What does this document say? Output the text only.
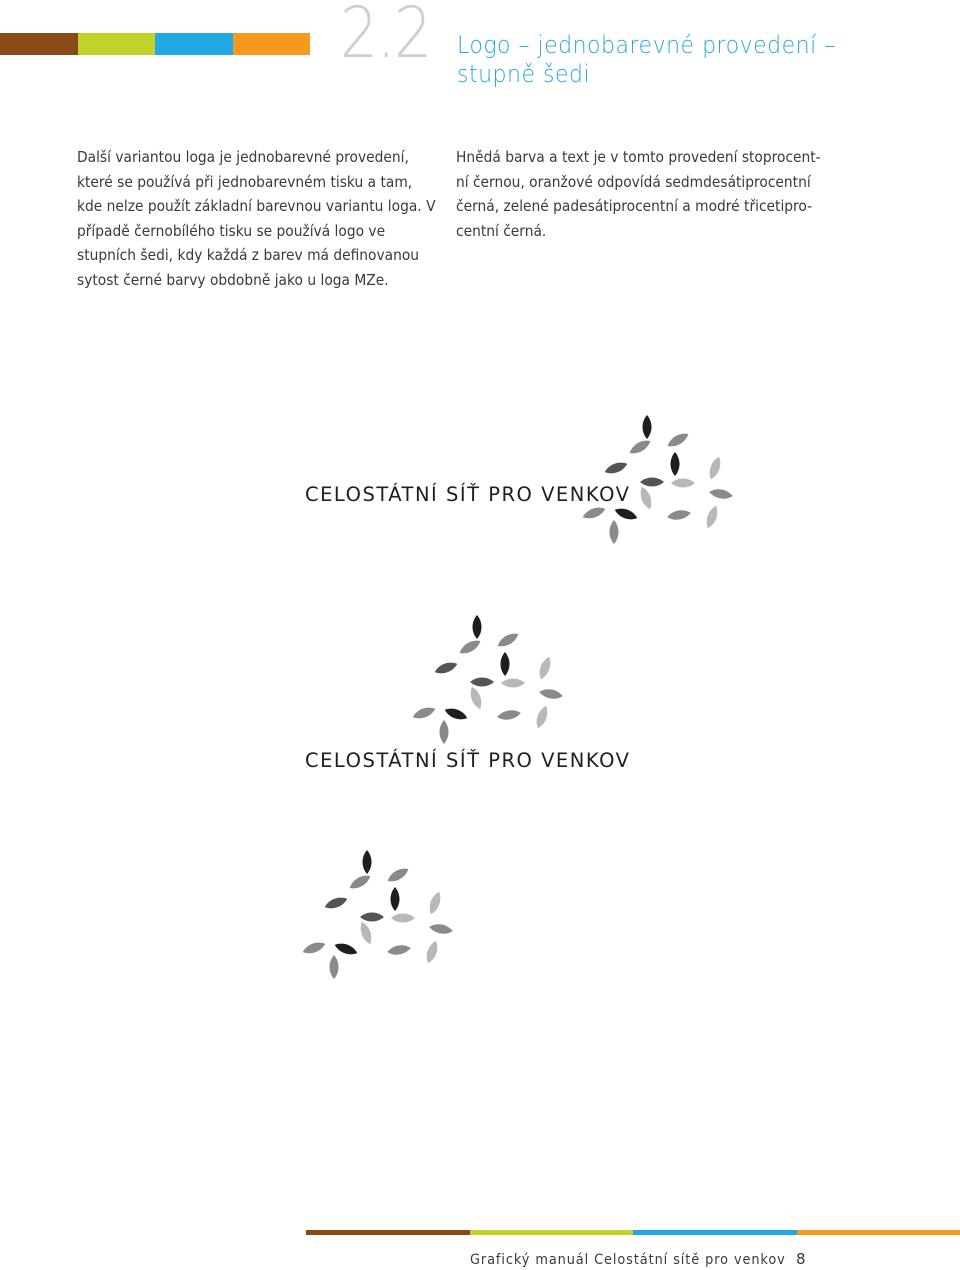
2.2 Logo – jednobarevné provedení –
stupně šedi
Další variantou loga je jednobarevné provedení, které se používá při jednobarevném tisku a tam, kde nelze použít základní barevnou variantu loga. V případě černobílého tisku se používá logo ve stupních šedi, kdy každá z barev má definovanou sytost černé barvy obdobně jako u loga MZe.
Hnědá barva a text je v tomto provedení stoprocent-ní černou, oranžové odpovídá sedmdesátiprocentní černá, zelené padesátiprocentní a modré třicetipro-centní černá.
CELOSTÁTNÍ SÍŤ PRO VENKOV
CELOSTÁTNÍ SÍŤ PRO VENKOV
Grafický manuál Celostátní sítě pro venkov 8
